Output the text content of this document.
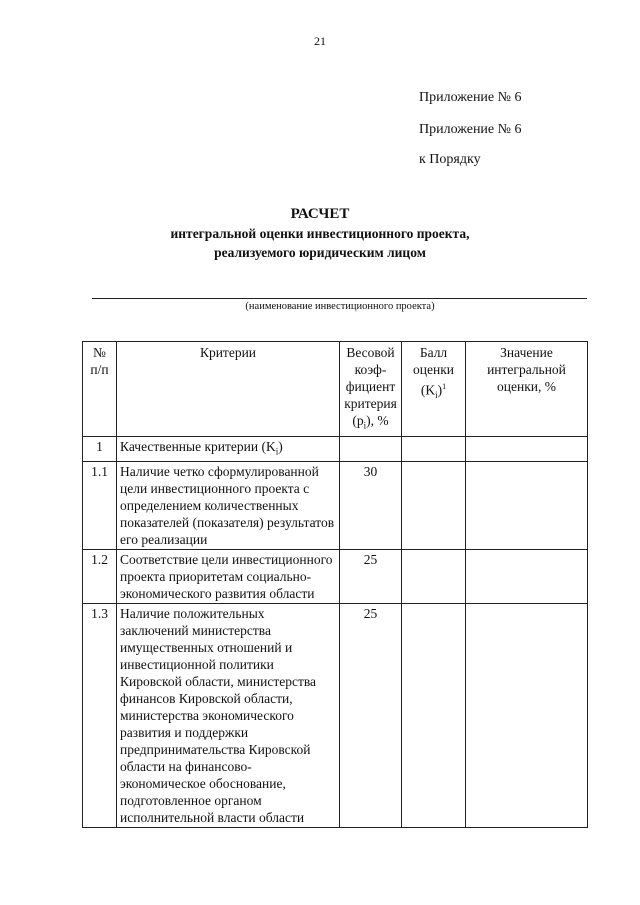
21
Приложение № 6
Приложение № 6
к Порядку
РАСЧЕТ
интегральной оценки инвестиционного проекта,
реализуемого юридическим лицом
(наименование инвестиционного проекта)
№ п/п	Критерии	Весовой коэф-фициент критерия $(p_i)$, %	Балл оценки $(K_i)^1$	Значение интегральной оценки, %
1	Качественные критерии $(K_i)$			
1.1	Наличие четко сформулированной цели инвестиционного проекта с определением количественных показателей (показателя) результатов его реализации	30		
1.2	Соответствие цели инвестиционного проекта приоритетам социально-экономического развития области	25		
1.3	Наличие положительных заключений министерства имущественных отношений и инвестиционной политики Кировской области, министерства финансов Кировской области, министерства экономического развития и поддержки предпринимательства Кировской области на финансово-экономическое обоснование, подготовленное органом исполнительной власти области	25		
